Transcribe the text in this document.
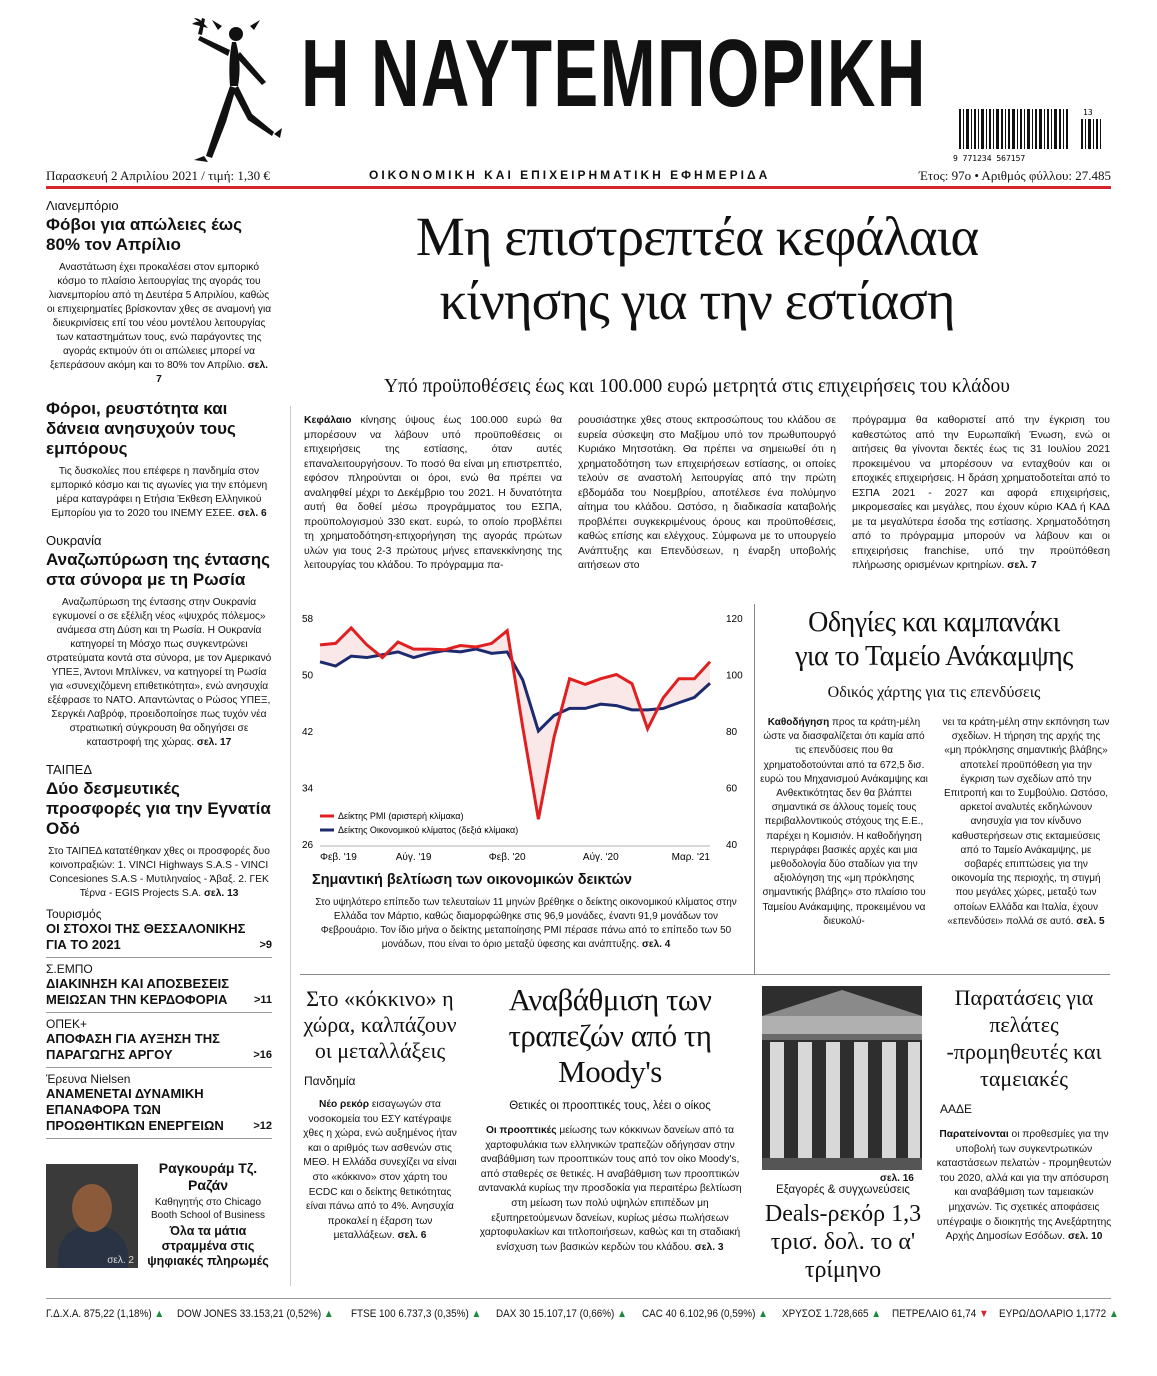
Η ΝΑΥΤΕΜΠΟΡΙΚΗ
9 771234 567157
13
Παρασκευή 2 Απριλίου 2021 / τιμή: 1,30 €	ΟΙΚΟΝΟΜΙΚΗ ΚΑΙ ΕΠΙΧΕΙΡΗΜΑΤΙΚΗ ΕΦΗΜΕΡΙΔΑ	Έτος: 97ο • Αριθμός φύλλου: 27.485
Λιανεμπόριο
Φόβοι για απώλειες έως 80% τον Απρίλιο
Αναστάτωση έχει προκαλέσει στον εμπορικό κόσμο το πλαίσιο λειτουργίας της αγοράς του λιανεμπορίου από τη Δευτέρα 5 Απριλίου, καθώς οι επιχειρηματίες βρίσκονταν χθες σε αναμονή για διευκρινίσεις επί του νέου μοντέλου λειτουργίας των καταστημάτων τους, ενώ παράγοντες της αγοράς εκτιμούν ότι οι απώλειες μπορεί να ξεπεράσουν ακόμη και το 80% τον Απρίλιο. σελ. 7
Φόροι, ρευστότητα και δάνεια ανησυχούν τους εμπόρους
Τις δυσκολίες που επέφερε η πανδημία στον εμπορικό κόσμο και τις αγωνίες για την επόμενη μέρα καταγράφει η Ετήσια Έκθεση Ελληνικού Εμπορίου για το 2020 του ΙΝΕΜΥ ΕΣΕΕ. σελ. 6
Ουκρανία
Αναζωπύρωση της έντασης στα σύνορα με τη Ρωσία
Αναζωπύρωση της έντασης στην Ουκρανία εγκυμονεί ο σε εξέλιξη νέος «ψυχρός πόλεμος» ανάμεσα στη Δύση και τη Ρωσία. Η Ουκρανία κατηγορεί τη Μόσχο πως συγκεντρώνει στρατεύματα κοντά στα σύνορα, με τον Αμερικανό ΥΠΕΞ, Άντονι Μπλίνκεν, να κατηγορεί τη Ρωσία για «συνεχιζόμενη επιθετικότητα», ενώ ανησυχία εξέφρασε το ΝΑΤΟ. Απαντώντας ο Ρώσος ΥΠΕΞ, Σεργκέι Λαβρόφ, προειδοποίησε πως τυχόν νέα στρατιωτική σύγκρουση θα οδηγήσει σε καταστροφή της χώρας. σελ. 17
ΤΑΙΠΕΔ
Δύο δεσμευτικές προσφορές για την Εγνατία Οδό
Στο ΤΑΙΠΕΔ κατατέθηκαν χθες οι προσφορές δυο κοινοπραξιών: 1. VINCI Highways S.A.S - VINCI Concesiones S.A.S - Μυτιληναίος - Άβαξ. 2. ΓΕΚ Τέρνα - EGIS Projects S.A. σελ. 13
Τουρισμός
ΟΙ ΣΤΟΧΟΙ ΤΗΣ ΘΕΣΣΑΛΟΝΙΚΗΣ ΓΙΑ ΤΟ 2021	>9
Σ.ΕΜΠΟ
ΔΙΑΚΙΝΗΣΗ ΚΑΙ ΑΠΟΣΒΕΣΕΙΣ ΜΕΙΩΣΑΝ ΤΗΝ ΚΕΡΔΟΦΟΡΙΑ	>11
ΟΠΕΚ+
ΑΠΟΦΑΣΗ ΓΙΑ ΑΥΞΗΣΗ ΤΗΣ ΠΑΡΑΓΩΓΗΣ ΑΡΓΟΥ	>16
Έρευνα Nielsen
ΑΝΑΜΕΝΕΤΑΙ ΔΥΝΑΜΙΚΗ ΕΠΑΝΑΦΟΡΑ ΤΩΝ ΠΡΟΩΘΗΤΙΚΩΝ ΕΝΕΡΓΕΙΩΝ	>12
σελ. 2
Ραγκουράμ Τζ. Ραζάν
Καθηγητής στο Chicago Booth School of Business
Όλα τα μάτια στραμμένα στις ψηφιακές πληρωμές
Μη επιστρεπτέα κεφάλαια
κίνησης για την εστίαση
Υπό προϋποθέσεις έως και 100.000 ευρώ μετρητά στις επιχειρήσεις του κλάδου
Κεφάλαιο κίνησης ύψους έως 100.000 ευρώ θα μπορέσουν να λάβουν υπό προϋποθέσεις οι επιχειρήσεις της εστίασης, όταν αυτές επαναλειτουργήσουν. Το ποσό θα είναι μη επιστρεπτέο, εφόσον πληρούνται οι όροι, ενώ θα πρέπει να αναληφθεί μέχρι το Δεκέμβριο του 2021. Η δυνατότητα αυτή θα δοθεί μέσω προγράμματος του ΕΣΠΑ, προϋπολογισμού 330 εκατ. ευρώ, το οποίο προβλέπει τη χρηματοδότηση-επιχορήγηση της αγοράς πρώτων υλών για τους 2-3 πρώτους μήνες επανεκκίνησης της λειτουργίας του κλάδου. Το πρόγραμμα πα-
ρουσιάστηκε χθες στους εκπροσώπους του κλάδου σε ευρεία σύσκεψη στο Μαξίμου υπό τον πρωθυπουργό Κυριάκο Μητσοτάκη. Θα πρέπει να σημειωθεί ότι η χρηματοδότηση των επιχειρήσεων εστίασης, οι οποίες τελούν σε αναστολή λειτουργίας από την πρώτη εβδομάδα του Νοεμβρίου, αποτέλεσε ένα πολύμηνο αίτημα του κλάδου. Ωστόσο, η διαδικασία καταβολής προβλέπει συγκεκριμένους όρους και προϋποθέσεις, καθώς επίσης και ελέγχους. Σύμφωνα με το υπουργείο Ανάπτυξης και Επενδύσεων, η έναρξη υποβολής αιτήσεων στο
πρόγραμμα θα καθοριστεί από την έγκριση του καθεστώτος από την Ευρωπαϊκή Ένωση, ενώ οι αιτήσεις θα γίνονται δεκτές έως τις 31 Ιουλίου 2021 προκειμένου να μπορέσουν να ενταχθούν και οι εποχικές επιχειρήσεις. Η δράση χρηματοδοτείται από το ΕΣΠΑ 2021 - 2027 και αφορά επιχειρήσεις, μικρομεσαίες και μεγάλες, που έχουν κύριο ΚΑΔ ή ΚΑΔ με τα μεγαλύτερα έσοδα της εστίασης. Χρηματοδότηση από το πρόγραμμα μπορούν να λάβουν και οι επιχειρήσεις franchise, υπό την προϋπόθεση πλήρωσης ορισμένων κριτηρίων. σελ. 7
58
50
42
34
26
120
100
80
60
40
Φεβ. '19	Αύγ. '19	Φεβ. '20	Αύγ. '20	Μαρ. '21
Δείκτης PMI (αριστερή κλίμακα)
Δείκτης Οικονομικού κλίματος (δεξιά κλίμακα)
Σημαντική βελτίωση των οικονομικών δεικτών
Στο υψηλότερο επίπεδο των τελευταίων 11 μηνών βρέθηκε ο δείκτης οικονομικού κλίματος στην Ελλάδα τον Μάρτιο, καθώς διαμορφώθηκε στις 96,9 μονάδες, έναντι 91,9 μονάδων τον Φεβρουάριο. Τον ίδιο μήνα ο δείκτης μεταποίησης PMI πέρασε πάνω από το επίπεδο των 50 μονάδων, που είναι το όριο μεταξύ ύφεσης και ανάπτυξης. σελ. 4
Οδηγίες και καμπανάκι
για το Ταμείο Ανάκαμψης
Οδικός χάρτης για τις επενδύσεις
Καθοδήγηση προς τα κράτη-μέλη ώστε να διασφαλίζεται ότι καμία από τις επενδύσεις που θα χρηματοδοτούνται από τα 672,5 δισ. ευρώ του Μηχανισμού Ανάκαμψης και Ανθεκτικότητας δεν θα βλάπτει σημαντικά σε άλλους τομείς τους περιβαλλοντικούς στόχους της Ε.Ε., παρέχει η Κομισιόν. Η καθοδήγηση περιγράφει βασικές αρχές και μια μεθοδολογία δύο σταδίων για την αξιολόγηση της «μη πρόκλησης σημαντικής βλάβης» στο πλαίσιο του Ταμείου Ανάκαμψης, προκειμένου να διευκολύ-
νει τα κράτη-μέλη στην εκπόνηση των σχεδίων. Η τήρηση της αρχής της «μη πρόκλησης σημαντικής βλάβης» αποτελεί προϋπόθεση για την έγκριση των σχεδίων από την Επιτροπή και το Συμβούλιο. Ωστόσο, αρκετοί αναλυτές εκδηλώνουν ανησυχία για τον κίνδυνο καθυστερήσεων στις εκταμιεύσεις από το Ταμείο Ανάκαμψης, με σοβαρές επιπτώσεις για την οικονομία της περιοχής, τη στιγμή που μεγάλες χώρες, μεταξύ των οποίων Ελλάδα και Ιταλία, έχουν «επενδύσει» πολλά σε αυτό. σελ. 5
Στο «κόκκινο» η χώρα, καλπάζουν οι μεταλλάξεις
Πανδημία
Νέο ρεκόρ εισαγωγών στα νοσοκομεία του ΕΣΥ κατέγραψε χθες η χώρα, ενώ αυξημένος ήταν και ο αριθμός των ασθενών στις ΜΕΘ. Η Ελλάδα συνεχίζει να είναι στο «κόκκινο» στον χάρτη του ECDC και ο δείκτης θετικότητας είναι πάνω από το 4%. Ανησυχία προκαλεί η έξαρση των μεταλλάξεων. σελ. 6
Αναβάθμιση των τραπεζών από τη Moody's
Θετικές οι προοπτικές τους, λέει ο οίκος
Οι προοπτικές μείωσης των κόκκινων δανείων από τα χαρτοφυλάκια των ελληνικών τραπεζών οδήγησαν στην αναβάθμιση των προοπτικών τους από τον οίκο Moody's, από σταθερές σε θετικές. Η αναβάθμιση των προοπτικών αντανακλά κυρίως την προσδοκία για περαιτέρω βελτίωση στη μείωση των πολύ υψηλών επιπέδων μη εξυπηρετούμενων δανείων, κυρίως μέσω πωλήσεων χαρτοφυλακίων και τιτλοποιήσεων, καθώς και τη σταδιακή ενίσχυση των βασικών κερδών του κλάδου. σελ. 3
σελ. 16
Εξαγορές & συγχωνεύσεις
Deals-ρεκόρ 1,3 τρισ. δολ. το α' τρίμηνο
Παρατάσεις για πελάτες -προμηθευτές και ταμειακές
ΑΑΔΕ
Παρατείνονται οι προθεσμίες για την υποβολή των συγκεντρωτικών καταστάσεων πελατών - προμηθευτών του 2020, αλλά και για την απόσυρση και αναβάθμιση των ταμειακών μηχανών. Τις σχετικές αποφάσεις υπέγραψε ο διοικητής της Ανεξάρτητης Αρχής Δημοσίων Εσόδων. σελ. 10
Γ.Δ.Χ.Α. 875,22 (1,18%) ▲ DOW JONES 33.153,21 (0,52%) ▲ FTSE 100 6.737,3 (0,35%) ▲ DAX 30 15.107,17 (0,66%) ▲ CAC 40 6.102,96 (0,59%) ▲ ΧΡΥΣΟΣ 1.728,665 ▲ ΠΕΤΡΕΛΑΙΟ 61,74 ▼ ΕΥΡΩ/ΔΟΛΑΡΙΟ 1,1772 ▲
